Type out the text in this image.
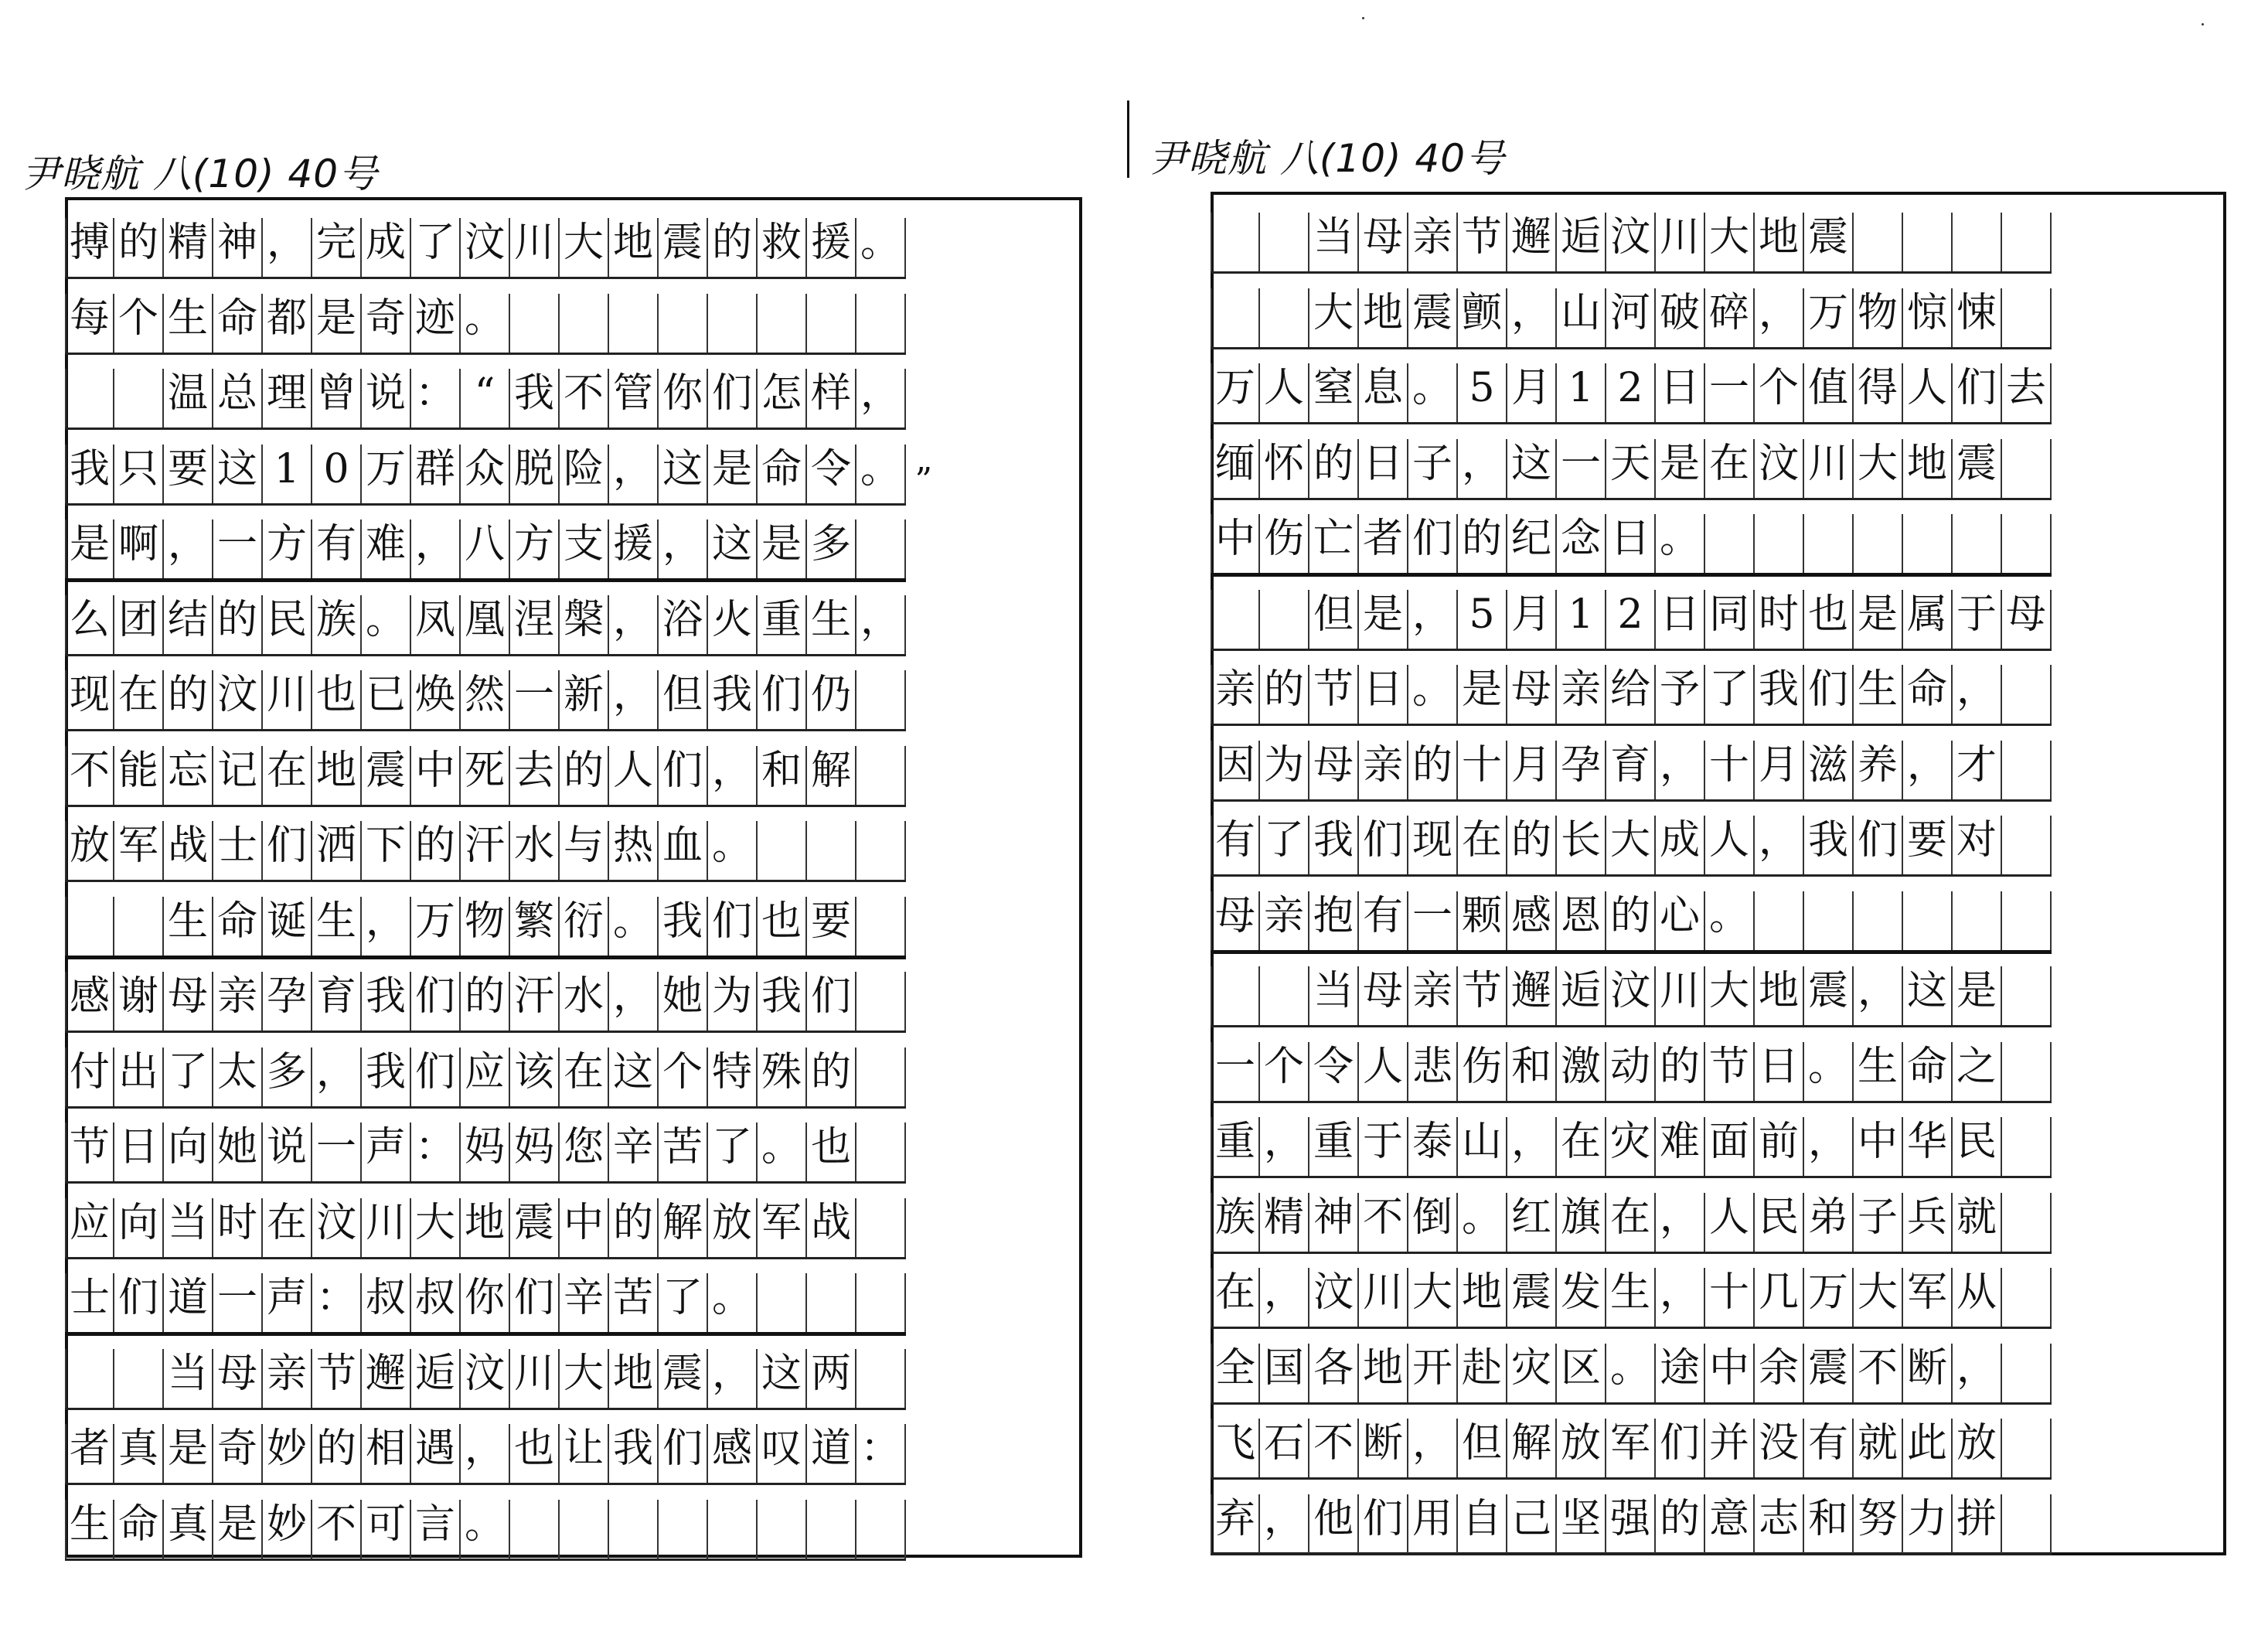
尹晓航 八(10) 40号
搏 的 精 神 ， 完 成 了 汶 川 大 地 震 的 救 援 。
每 个 生 命 都 是 奇 迹 。
温 总 理 曾 说 ： “ 我 不 管 你 们 怎 样 ，
我 只 要 这 1 0 万 群 众 脱 险 ， 这 是 命 令 。 ”
是 啊 ， 一 方 有 难 ， 八 方 支 援 ， 这 是 多
么 团 结 的 民 族 。 凤 凰 涅 槃 ， 浴 火 重 生 ，
现 在 的 汶 川 也 已 焕 然 一 新 ， 但 我 们 仍
不 能 忘 记 在 地 震 中 死 去 的 人 们 ， 和 解
放 军 战 士 们 洒 下 的 汗 水 与 热 血 。
生 命 诞 生 ， 万 物 繁 衍 。 我 们 也 要
感 谢 母 亲 孕 育 我 们 的 汗 水 ， 她 为 我 们
付 出 了 太 多 ， 我 们 应 该 在 这 个 特 殊 的
节 日 向 她 说 一 声 ： 妈 妈 您 辛 苦 了 。 也
应 向 当 时 在 汶 川 大 地 震 中 的 解 放 军 战
士 们 道 一 声 ： 叔 叔 你 们 辛 苦 了 。
当 母 亲 节 邂 逅 汶 川 大 地 震 ， 这 两
者 真 是 奇 妙 的 相 遇 ， 也 让 我 们 感 叹 道 ：
生 命 真 是 妙 不 可 言 。
尹晓航 八(10) 40号
当 母 亲 节 邂 逅 汶 川 大 地 震
大 地 震 颤 ， 山 河 破 碎 ， 万 物 惊 悚
万 人 窒 息 。 5 月 1 2 日 一 个 值 得 人 们 去
缅 怀 的 日 子 ， 这 一 天 是 在 汶 川 大 地 震
中 伤 亡 者 们 的 纪 念 日 。
但 是 ， 5 月 1 2 日 同 时 也 是 属 于 母
亲 的 节 日 。 是 母 亲 给 予 了 我 们 生 命 ，
因 为 母 亲 的 十 月 孕 育 ， 十 月 滋 养 ， 才
有 了 我 们 现 在 的 长 大 成 人 ， 我 们 要 对
母 亲 抱 有 一 颗 感 恩 的 心 。
当 母 亲 节 邂 逅 汶 川 大 地 震 ， 这 是
一 个 令 人 悲 伤 和 激 动 的 节 日 。 生 命 之
重 ， 重 于 泰 山 ， 在 灾 难 面 前 ， 中 华 民
族 精 神 不 倒 。 红 旗 在 ， 人 民 弟 子 兵 就
在 ， 汶 川 大 地 震 发 生 ， 十 几 万 大 军 从
全 国 各 地 开 赴 灾 区 。 途 中 余 震 不 断 ，
飞 石 不 断 ， 但 解 放 军 们 并 没 有 就 此 放
弃 ， 他 们 用 自 己 坚 强 的 意 志 和 努 力 拼
